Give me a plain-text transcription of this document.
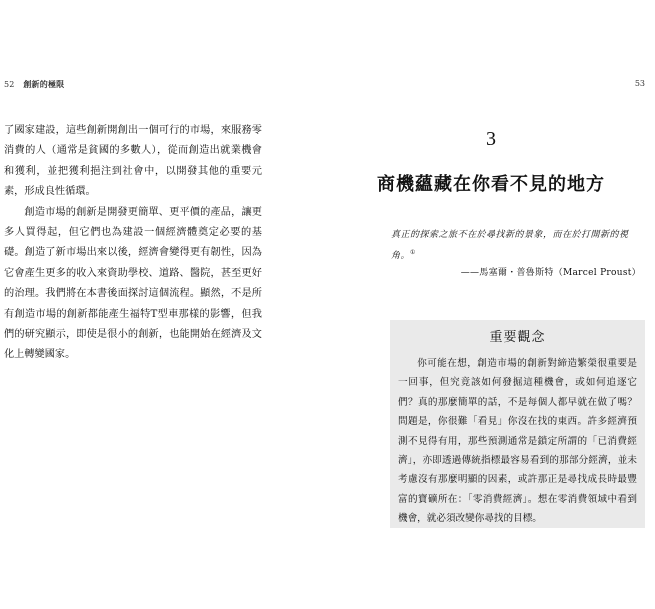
52 創新的極限

了國家建設，這些創新開創出一個可行的市場，來服務零消費的人（通常是貧國的多數人），從而創造出就業機會和獲利，並把獲利挹注到社會中，以開發其他的重要元素，形成良性循環。

創造市場的創新是開發更簡單、更平價的產品，讓更多人買得起，但它們也為建設一個經濟體奠定必要的基礎。創造了新市場出來以後，經濟會變得更有韌性，因為它會產生更多的收入來資助學校、道路、醫院，甚至更好的治理。我們將在本書後面探討這個流程。顯然，不是所有創造市場的創新都能產生福特T型車那樣的影響，但我們的研究顯示，即使是很小的創新，也能開始在經濟及文化上轉變國家。

53
3
商機蘊藏在你看不見的地方
真正的探索之旅不在於尋找新的景象，而在於打開新的視角。①
——馬塞爾・普魯斯特（Marcel Proust）
重要觀念

你可能在想，創造市場的創新對締造繁榮很重要是一回事，但究竟該如何發掘這種機會，或如何追逐它們？真的那麼簡單的話，不是每個人都早就在做了嗎？問題是，你很難「看見」你沒在找的東西。許多經濟預測不見得有用，那些預測通常是鎖定所謂的「已消費經濟」，亦即透過傳統指標最容易看到的那部分經濟，並未考慮沒有那麼明顯的因素，或許那正是尋找成長時最豐富的寶礦所在：「零消費經濟」。想在零消費領域中看到機會，就必須改變你尋找的目標。
